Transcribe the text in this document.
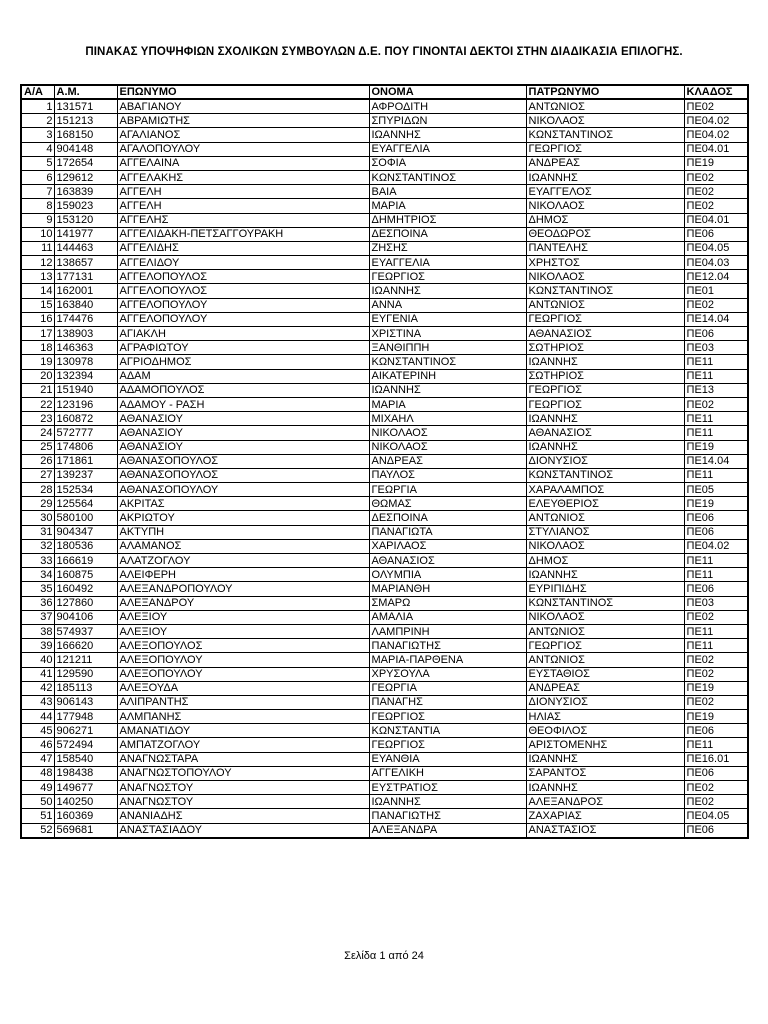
ΠΙΝΑΚΑΣ ΥΠΟΨΗΦΙΩΝ ΣΧΟΛΙΚΩΝ ΣΥΜΒΟΥΛΩΝ Δ.Ε. ΠΟΥ ΓΙΝΟΝΤΑΙ ΔΕΚΤΟΙ ΣΤΗΝ ΔΙΑΔΙΚΑΣΙΑ ΕΠΙΛΟΓΗΣ.
Α/Α	Α.Μ.	ΕΠΩΝΥΜΟ	ΟΝΟΜΑ	ΠΑΤΡΩΝΥΜΟ	ΚΛΑΔΟΣ
1	131571	ΑΒΑΓΙΑΝΟΥ	ΑΦΡΟΔΙΤΗ	ΑΝΤΩΝΙΟΣ	ΠΕ02
2	151213	ΑΒΡΑΜΙΩΤΗΣ	ΣΠΥΡΙΔΩΝ	ΝΙΚΟΛΑΟΣ	ΠΕ04.02
3	168150	ΑΓΑΛΙΑΝΟΣ	ΙΩΑΝΝΗΣ	ΚΩΝΣΤΑΝΤΙΝΟΣ	ΠΕ04.02
4	904148	ΑΓΑΛΟΠΟΥΛΟΥ	ΕΥΑΓΓΕΛΙΑ	ΓΕΩΡΓΙΟΣ	ΠΕ04.01
5	172654	ΑΓΓΕΛΑΙΝΑ	ΣΟΦΙΑ	ΑΝΔΡΕΑΣ	ΠΕ19
6	129612	ΑΓΓΕΛΑΚΗΣ	ΚΩΝΣΤΑΝΤΙΝΟΣ	ΙΩΑΝΝΗΣ	ΠΕ02
7	163839	ΑΓΓΕΛΗ	ΒΑΙΑ	ΕΥΑΓΓΕΛΟΣ	ΠΕ02
8	159023	ΑΓΓΕΛΗ	ΜΑΡΙΑ	ΝΙΚΟΛΑΟΣ	ΠΕ02
9	153120	ΑΓΓΕΛΗΣ	ΔΗΜΗΤΡΙΟΣ	ΔΗΜΟΣ	ΠΕ04.01
10	141977	ΑΓΓΕΛΙΔΑΚΗ-ΠΕΤΣΑΓΓΟΥΡΑΚΗ	ΔΕΣΠΟΙΝΑ	ΘΕΟΔΩΡΟΣ	ΠΕ06
11	144463	ΑΓΓΕΛΙΔΗΣ	ΖΗΣΗΣ	ΠΑΝΤΕΛΗΣ	ΠΕ04.05
12	138657	ΑΓΓΕΛΙΔΟΥ	ΕΥΑΓΓΕΛΙΑ	ΧΡΗΣΤΟΣ	ΠΕ04.03
13	177131	ΑΓΓΕΛΟΠΟΥΛΟΣ	ΓΕΩΡΓΙΟΣ	ΝΙΚΟΛΑΟΣ	ΠΕ12.04
14	162001	ΑΓΓΕΛΟΠΟΥΛΟΣ	ΙΩΑΝΝΗΣ	ΚΩΝΣΤΑΝΤΙΝΟΣ	ΠΕ01
15	163840	ΑΓΓΕΛΟΠΟΥΛΟΥ	ΑΝΝΑ	ΑΝΤΩΝΙΟΣ	ΠΕ02
16	174476	ΑΓΓΕΛΟΠΟΥΛΟΥ	ΕΥΓΕΝΙΑ	ΓΕΩΡΓΙΟΣ	ΠΕ14.04
17	138903	ΑΓΙΑΚΛΗ	ΧΡΙΣΤΙΝΑ	ΑΘΑΝΑΣΙΟΣ	ΠΕ06
18	146363	ΑΓΡΑΦΙΩΤΟΥ	ΞΑΝΘΙΠΠΗ	ΣΩΤΗΡΙΟΣ	ΠΕ03
19	130978	ΑΓΡΙΟΔΗΜΟΣ	ΚΩΝΣΤΑΝΤΙΝΟΣ	ΙΩΑΝΝΗΣ	ΠΕ11
20	132394	ΑΔΑΜ	ΑΙΚΑΤΕΡΙΝΗ	ΣΩΤΗΡΙΟΣ	ΠΕ11
21	151940	ΑΔΑΜΟΠΟΥΛΟΣ	ΙΩΑΝΝΗΣ	ΓΕΩΡΓΙΟΣ	ΠΕ13
22	123196	ΑΔΑΜΟΥ - ΡΑΣΗ	ΜΑΡΙΑ	ΓΕΩΡΓΙΟΣ	ΠΕ02
23	160872	ΑΘΑΝΑΣΙΟΥ	ΜΙΧΑΗΛ	ΙΩΑΝΝΗΣ	ΠΕ11
24	572777	ΑΘΑΝΑΣΙΟΥ	ΝΙΚΟΛΑΟΣ	ΑΘΑΝΑΣΙΟΣ	ΠΕ11
25	174806	ΑΘΑΝΑΣΙΟΥ	ΝΙΚΟΛΑΟΣ	ΙΩΑΝΝΗΣ	ΠΕ19
26	171861	ΑΘΑΝΑΣΟΠΟΥΛΟΣ	ΑΝΔΡΕΑΣ	ΔΙΟΝΥΣΙΟΣ	ΠΕ14.04
27	139237	ΑΘΑΝΑΣΟΠΟΥΛΟΣ	ΠΑΥΛΟΣ	ΚΩΝΣΤΑΝΤΙΝΟΣ	ΠΕ11
28	152534	ΑΘΑΝΑΣΟΠΟΥΛΟΥ	ΓΕΩΡΓΙΑ	ΧΑΡΑΛΑΜΠΟΣ	ΠΕ05
29	125564	ΑΚΡΙΤΑΣ	ΘΩΜΑΣ	ΕΛΕΥΘΕΡΙΟΣ	ΠΕ19
30	580100	ΑΚΡΙΩΤΟΥ	ΔΕΣΠΟΙΝΑ	ΑΝΤΩΝΙΟΣ	ΠΕ06
31	904347	ΑΚΤΥΠΗ	ΠΑΝΑΓΙΩΤΑ	ΣΤΥΛΙΑΝΟΣ	ΠΕ06
32	180536	ΑΛΑΜΑΝΟΣ	ΧΑΡΙΛΑΟΣ	ΝΙΚΟΛΑΟΣ	ΠΕ04.02
33	166619	ΑΛΑΤΖΟΓΛΟΥ	ΑΘΑΝΑΣΙΟΣ	ΔΗΜΟΣ	ΠΕ11
34	160875	ΑΛΕΙΦΕΡΗ	ΟΛΥΜΠΙΑ	ΙΩΑΝΝΗΣ	ΠΕ11
35	160492	ΑΛΕΞΑΝΔΡΟΠΟΥΛΟΥ	ΜΑΡΙΑΝΘΗ	ΕΥΡΙΠΙΔΗΣ	ΠΕ06
36	127860	ΑΛΕΞΑΝΔΡΟΥ	ΣΜΑΡΩ	ΚΩΝΣΤΑΝΤΙΝΟΣ	ΠΕ03
37	904106	ΑΛΕΞΙΟΥ	ΑΜΑΛΙΑ	ΝΙΚΟΛΑΟΣ	ΠΕ02
38	574937	ΑΛΕΞΙΟΥ	ΛΑΜΠΡΙΝΗ	ΑΝΤΩΝΙΟΣ	ΠΕ11
39	166620	ΑΛΕΞΟΠΟΥΛΟΣ	ΠΑΝΑΓΙΩΤΗΣ	ΓΕΩΡΓΙΟΣ	ΠΕ11
40	121211	ΑΛΕΞΟΠΟΥΛΟΥ	ΜΑΡΙΑ-ΠΑΡΘΕΝΑ	ΑΝΤΩΝΙΟΣ	ΠΕ02
41	129590	ΑΛΕΞΟΠΟΥΛΟΥ	ΧΡΥΣΟΥΛΑ	ΕΥΣΤΑΘΙΟΣ	ΠΕ02
42	185113	ΑΛΕΞΟΥΔΑ	ΓΕΩΡΓΙΑ	ΑΝΔΡΕΑΣ	ΠΕ19
43	906143	ΑΛΙΠΡΑΝΤΗΣ	ΠΑΝΑΓΗΣ	ΔΙΟΝΥΣΙΟΣ	ΠΕ02
44	177948	ΑΛΜΠΑΝΗΣ	ΓΕΩΡΓΙΟΣ	ΗΛΙΑΣ	ΠΕ19
45	906271	ΑΜΑΝΑΤΙΔΟΥ	ΚΩΝΣΤΑΝΤΙΑ	ΘΕΟΦΙΛΟΣ	ΠΕ06
46	572494	ΑΜΠΑΤΖΟΓΛΟΥ	ΓΕΩΡΓΙΟΣ	ΑΡΙΣΤΟΜΕΝΗΣ	ΠΕ11
47	158540	ΑΝΑΓΝΩΣΤΑΡΑ	ΕΥΑΝΘΙΑ	ΙΩΑΝΝΗΣ	ΠΕ16.01
48	198438	ΑΝΑΓΝΩΣΤΟΠΟΥΛΟΥ	ΑΓΓΕΛΙΚΗ	ΣΑΡΑΝΤΟΣ	ΠΕ06
49	149677	ΑΝΑΓΝΩΣΤΟΥ	ΕΥΣΤΡΑΤΙΟΣ	ΙΩΑΝΝΗΣ	ΠΕ02
50	140250	ΑΝΑΓΝΩΣΤΟΥ	ΙΩΑΝΝΗΣ	ΑΛΕΞΑΝΔΡΟΣ	ΠΕ02
51	160369	ΑΝΑΝΙΑΔΗΣ	ΠΑΝΑΓΙΩΤΗΣ	ΖΑΧΑΡΙΑΣ	ΠΕ04.05
52	569681	ΑΝΑΣΤΑΣΙΑΔΟΥ	ΑΛΕΞΑΝΔΡΑ	ΑΝΑΣΤΑΣΙΟΣ	ΠΕ06
Σελίδα 1 από 24
